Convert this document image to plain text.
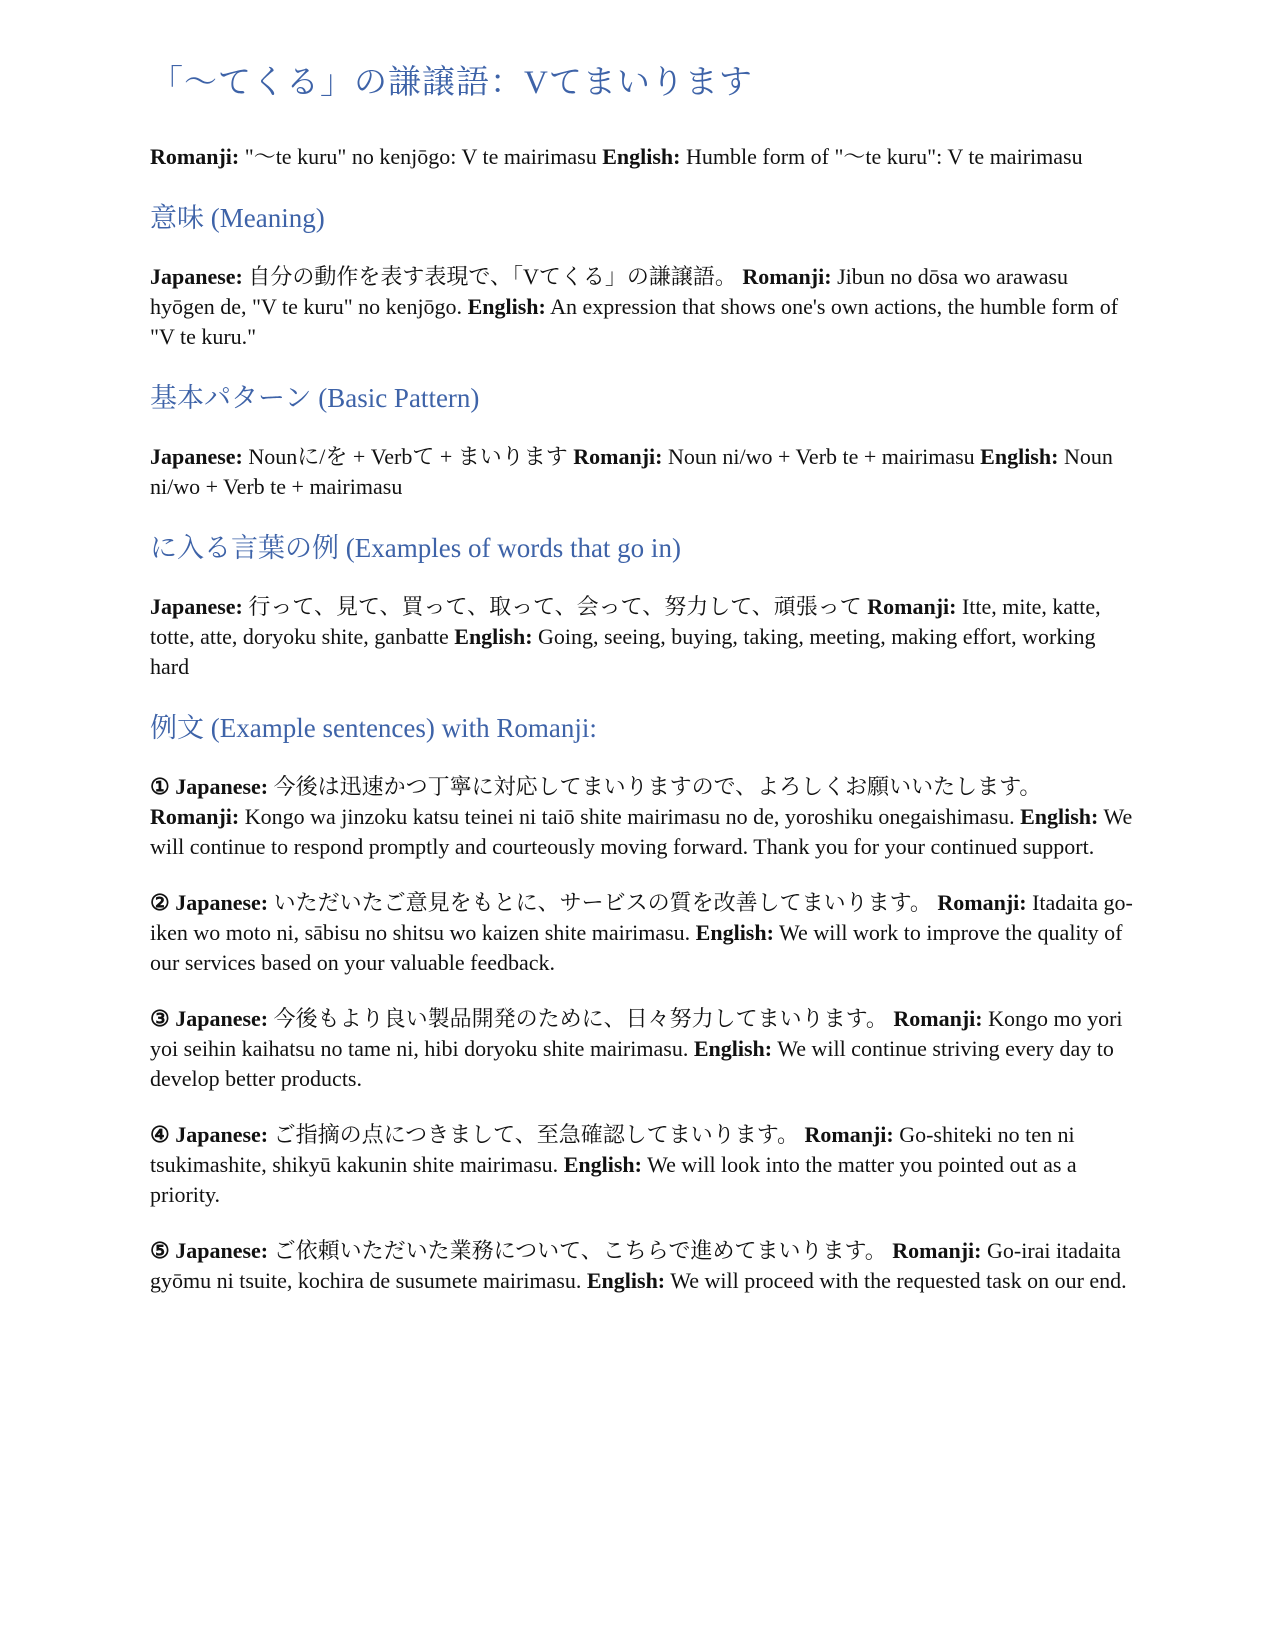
「〜てくる」の謙譲語：Vてまいります

Romanji: "〜te kuru" no kenjōgo: V te mairimasu English: Humble form of "〜te kuru": V te mairimasu

意味 (Meaning)

Japanese: 自分の動作を表す表現で、「Vてくる」の謙譲語。 Romanji: Jibun no dōsa wo arawasu hyōgen de, "V te kuru" no kenjōgo. English: An expression that shows one's own actions, the humble form of "V te kuru."

基本パターン (Basic Pattern)

Japanese: Nounに/を + Verbて + まいります Romanji: Noun ni/wo + Verb te + mairimasu English: Noun ni/wo + Verb te + mairimasu

に入る言葉の例 (Examples of words that go in)

Japanese: 行って、見て、買って、取って、会って、努力して、頑張って Romanji: Itte, mite, katte, totte, atte, doryoku shite, ganbatte English: Going, seeing, buying, taking, meeting, making effort, working hard

例文 (Example sentences) with Romanji:

① Japanese: 今後は迅速かつ丁寧に対応してまいりますので、よろしくお願いいたします。 Romanji: Kongo wa jinzoku katsu teinei ni taiō shite mairimasu no de, yoroshiku onegaishimasu. English: We will continue to respond promptly and courteously moving forward. Thank you for your continued support.

② Japanese: いただいたご意見をもとに、サービスの質を改善してまいります。 Romanji: Itadaita go-iken wo moto ni, sābisu no shitsu wo kaizen shite mairimasu. English: We will work to improve the quality of our services based on your valuable feedback.

③ Japanese: 今後もより良い製品開発のために、日々努力してまいります。 Romanji: Kongo mo yori yoi seihin kaihatsu no tame ni, hibi doryoku shite mairimasu. English: We will continue striving every day to develop better products.

④ Japanese: ご指摘の点につきまして、至急確認してまいります。 Romanji: Go-shiteki no ten ni tsukimashite, shikyū kakunin shite mairimasu. English: We will look into the matter you pointed out as a priority.

⑤ Japanese: ご依頼いただいた業務について、こちらで進めてまいります。 Romanji: Go-irai itadaita gyōmu ni tsuite, kochira de susumete mairimasu. English: We will proceed with the requested task on our end.
